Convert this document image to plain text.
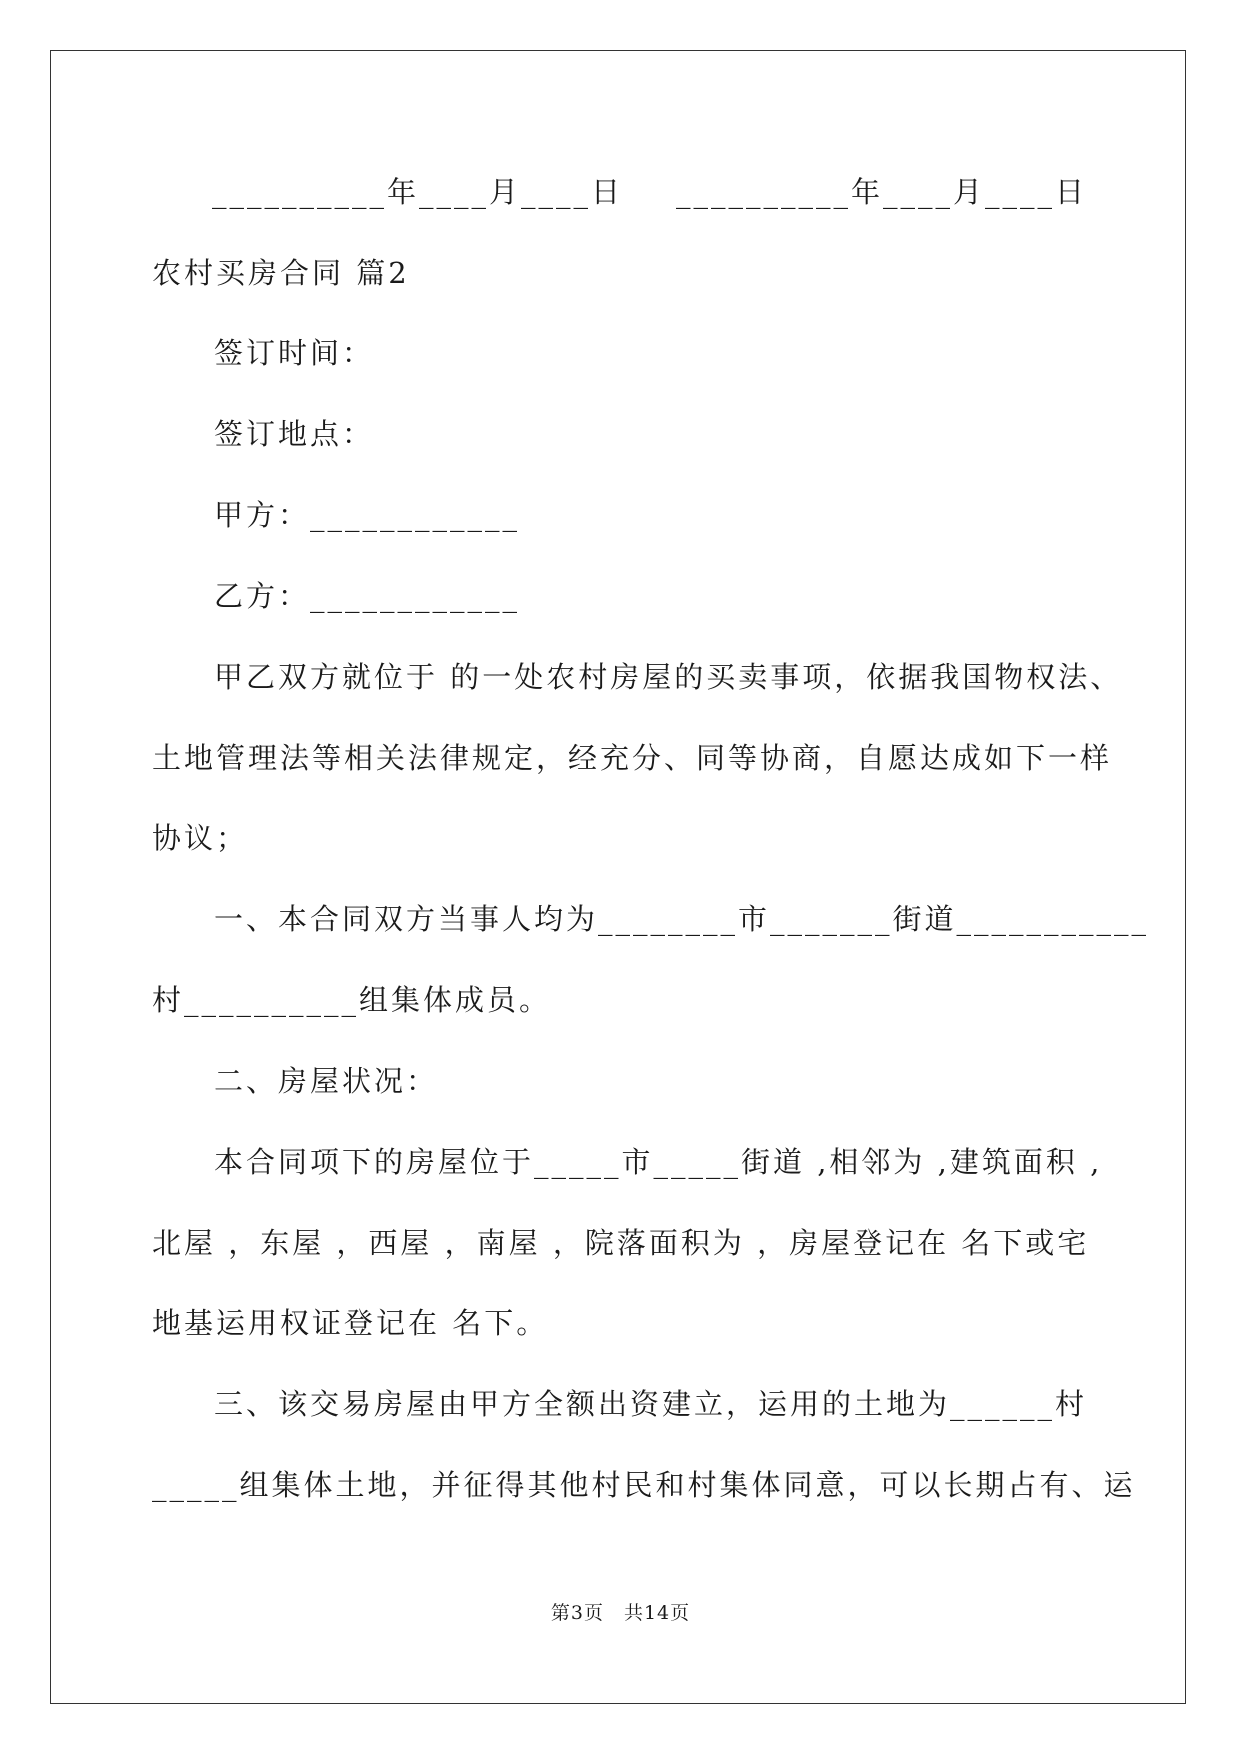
__________年____月____日 __________年____月____日
农村买房合同 篇2
签订时间：
签订地点：
甲方：____________
乙方：____________
甲乙双方就位于 的一处农村房屋的买卖事项，依据我国物权法、
土地管理法等相关法律规定，经充分、同等协商，自愿达成如下一样
协议；
一、本合同双方当事人均为________市_______街道___________
村__________组集体成员。
二、房屋状况：
本合同项下的房屋位于_____市_____街道 ,相邻为 ,建筑面积 ,
北屋 ，东屋 ，西屋 ，南屋 ，院落面积为 ，房屋登记在 名下或宅
地基运用权证登记在 名下。
三、该交易房屋由甲方全额出资建立，运用的土地为______村
_____组集体土地，并征得其他村民和村集体同意，可以长期占有、运
第3页　共14页
